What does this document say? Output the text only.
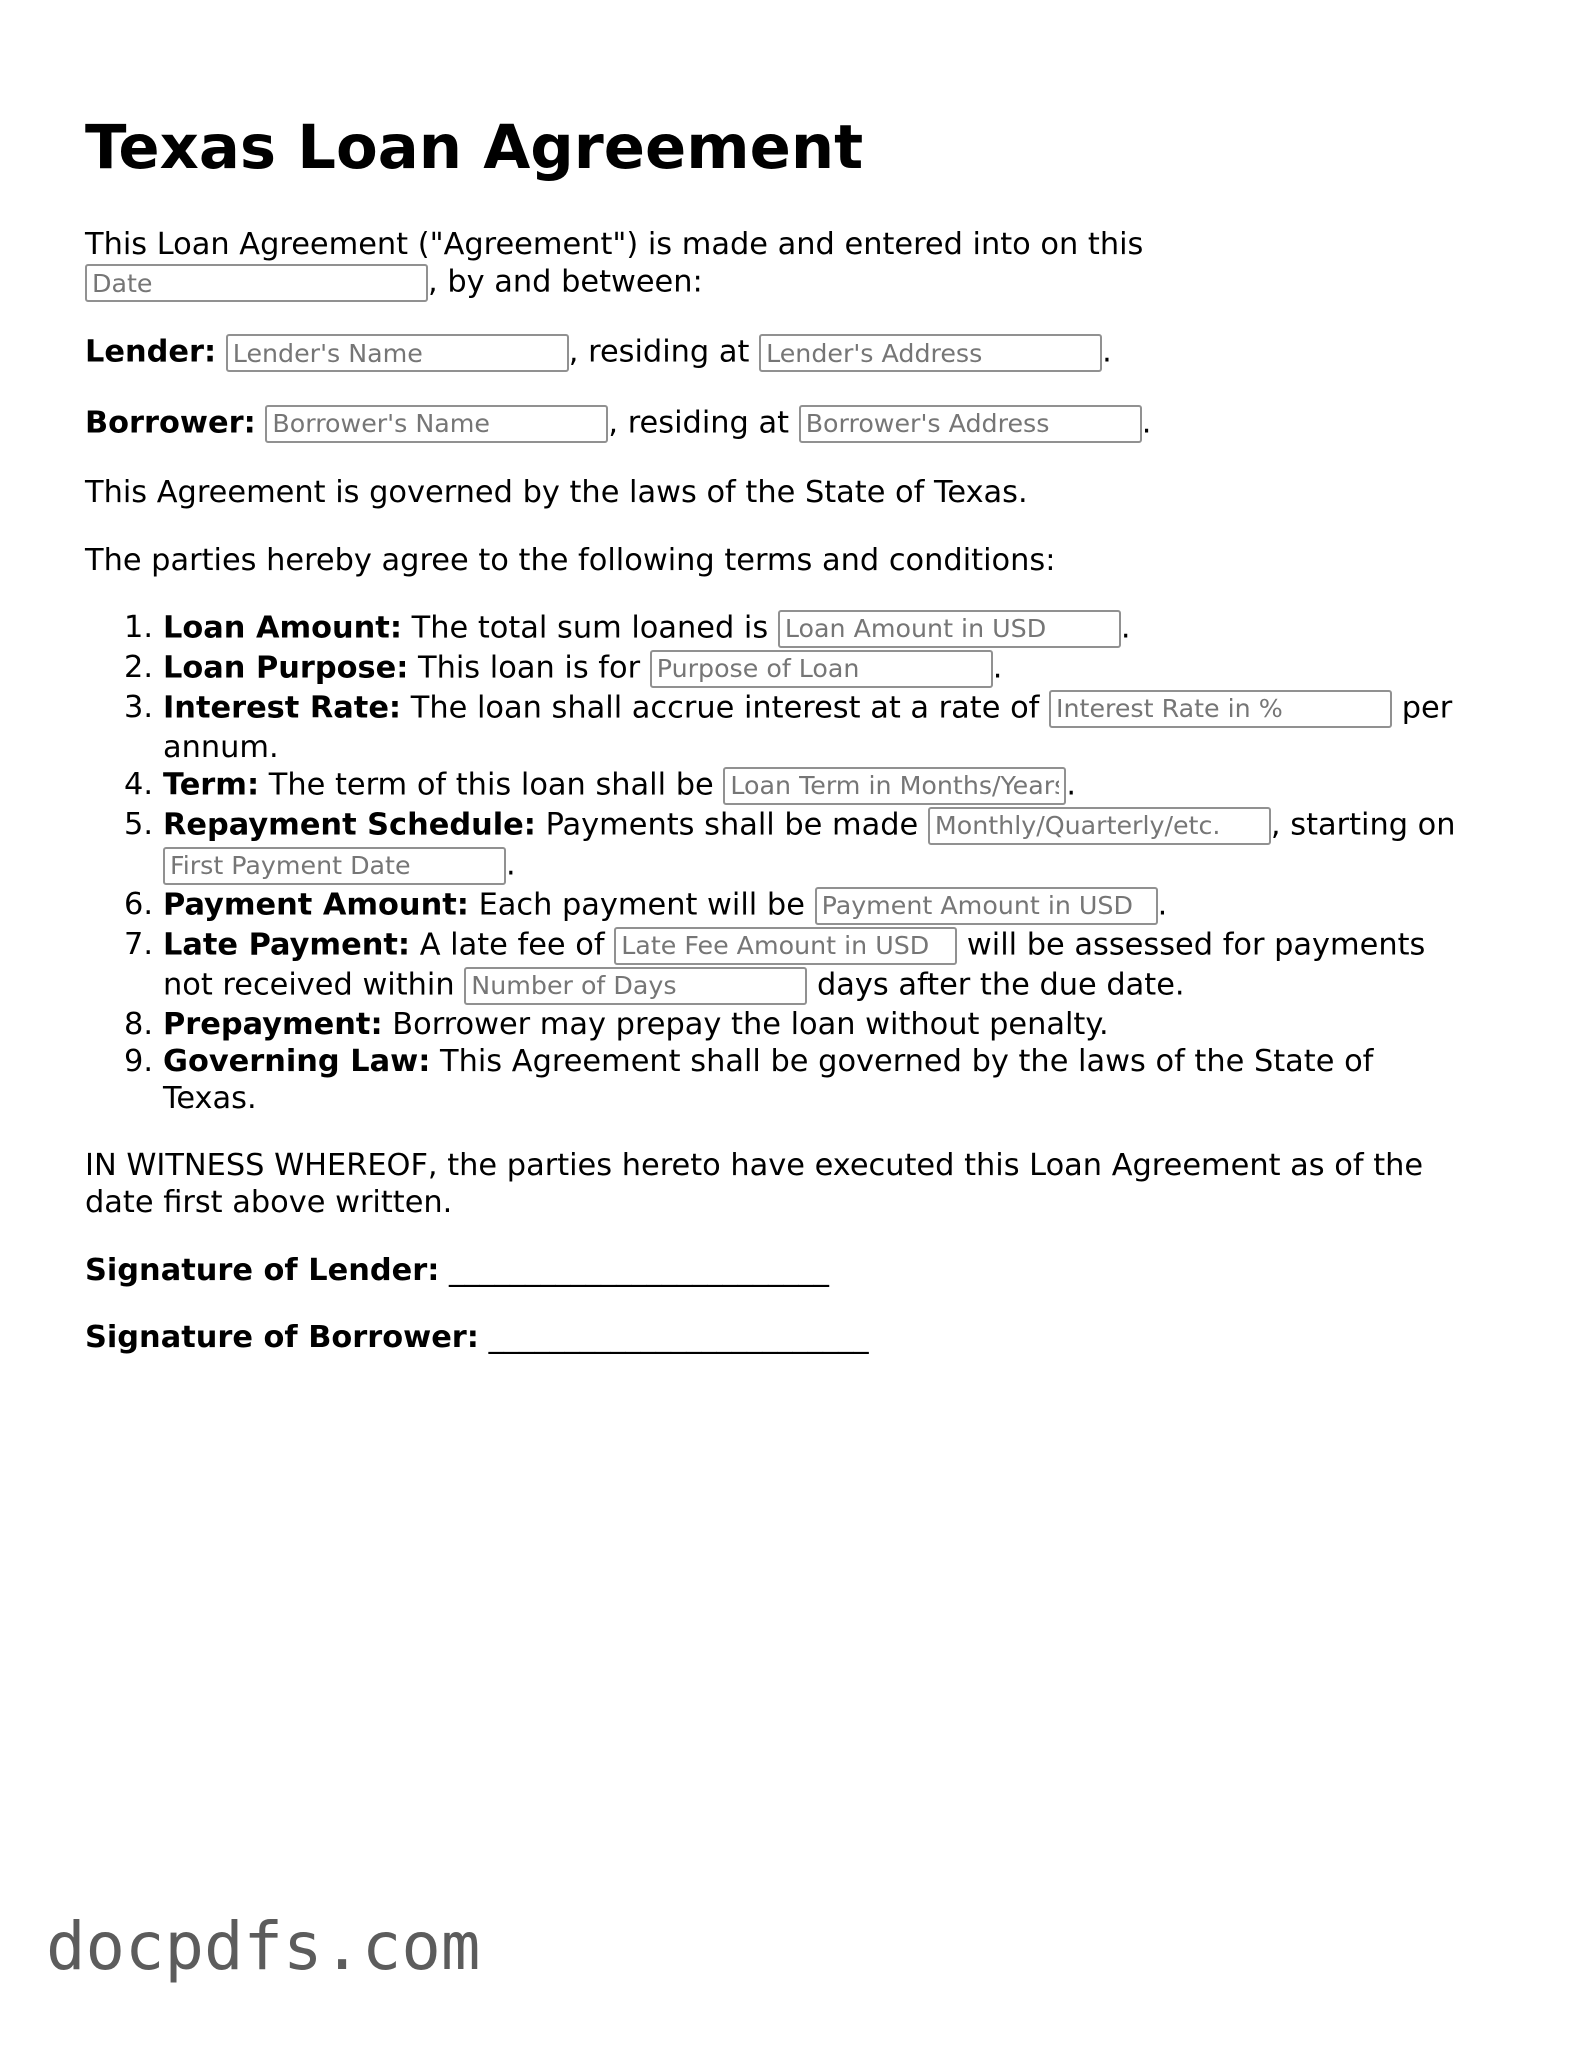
Texas Loan Agreement

This Loan Agreement ("Agreement") is made and entered into on this
Date, by and between:

Lender: Lender's Name	, residing at Lender's Address	.

Borrower: Borrower's Name	, residing at Borrower's Address	.

This Agreement is governed by the laws of the State of Texas.

The parties hereby agree to the following terms and conditions:

1. Loan Amount: The total sum loaned is Loan Amount in USD	.
2. Loan Purpose: This loan is for Purpose of Loan	.
3. Interest Rate: The loan shall accrue interest at a rate of Interest Rate in %	per
annum.
4. Term: The term of this loan shall be Loan Term in Months/Years	.
5. Repayment Schedule: Payments shall be made Monthly/Quarterly/etc.	, starting on
First Payment Date.
6. Payment Amount: Each payment will be Payment Amount in USD	.
7. Late Payment: A late fee of Late Fee Amount in USD	will be assessed for payments
not received within Number of Days	days after the due date.
8. Prepayment: Borrower may prepay the loan without penalty.
9. Governing Law: This Agreement shall be governed by the laws of the State of
Texas.

IN WITNESS WHEREOF, the parties hereto have executed this Loan Agreement as of the
date first above written.

Signature of Lender: _________________________

Signature of Borrower: _________________________

docpdfs.com
